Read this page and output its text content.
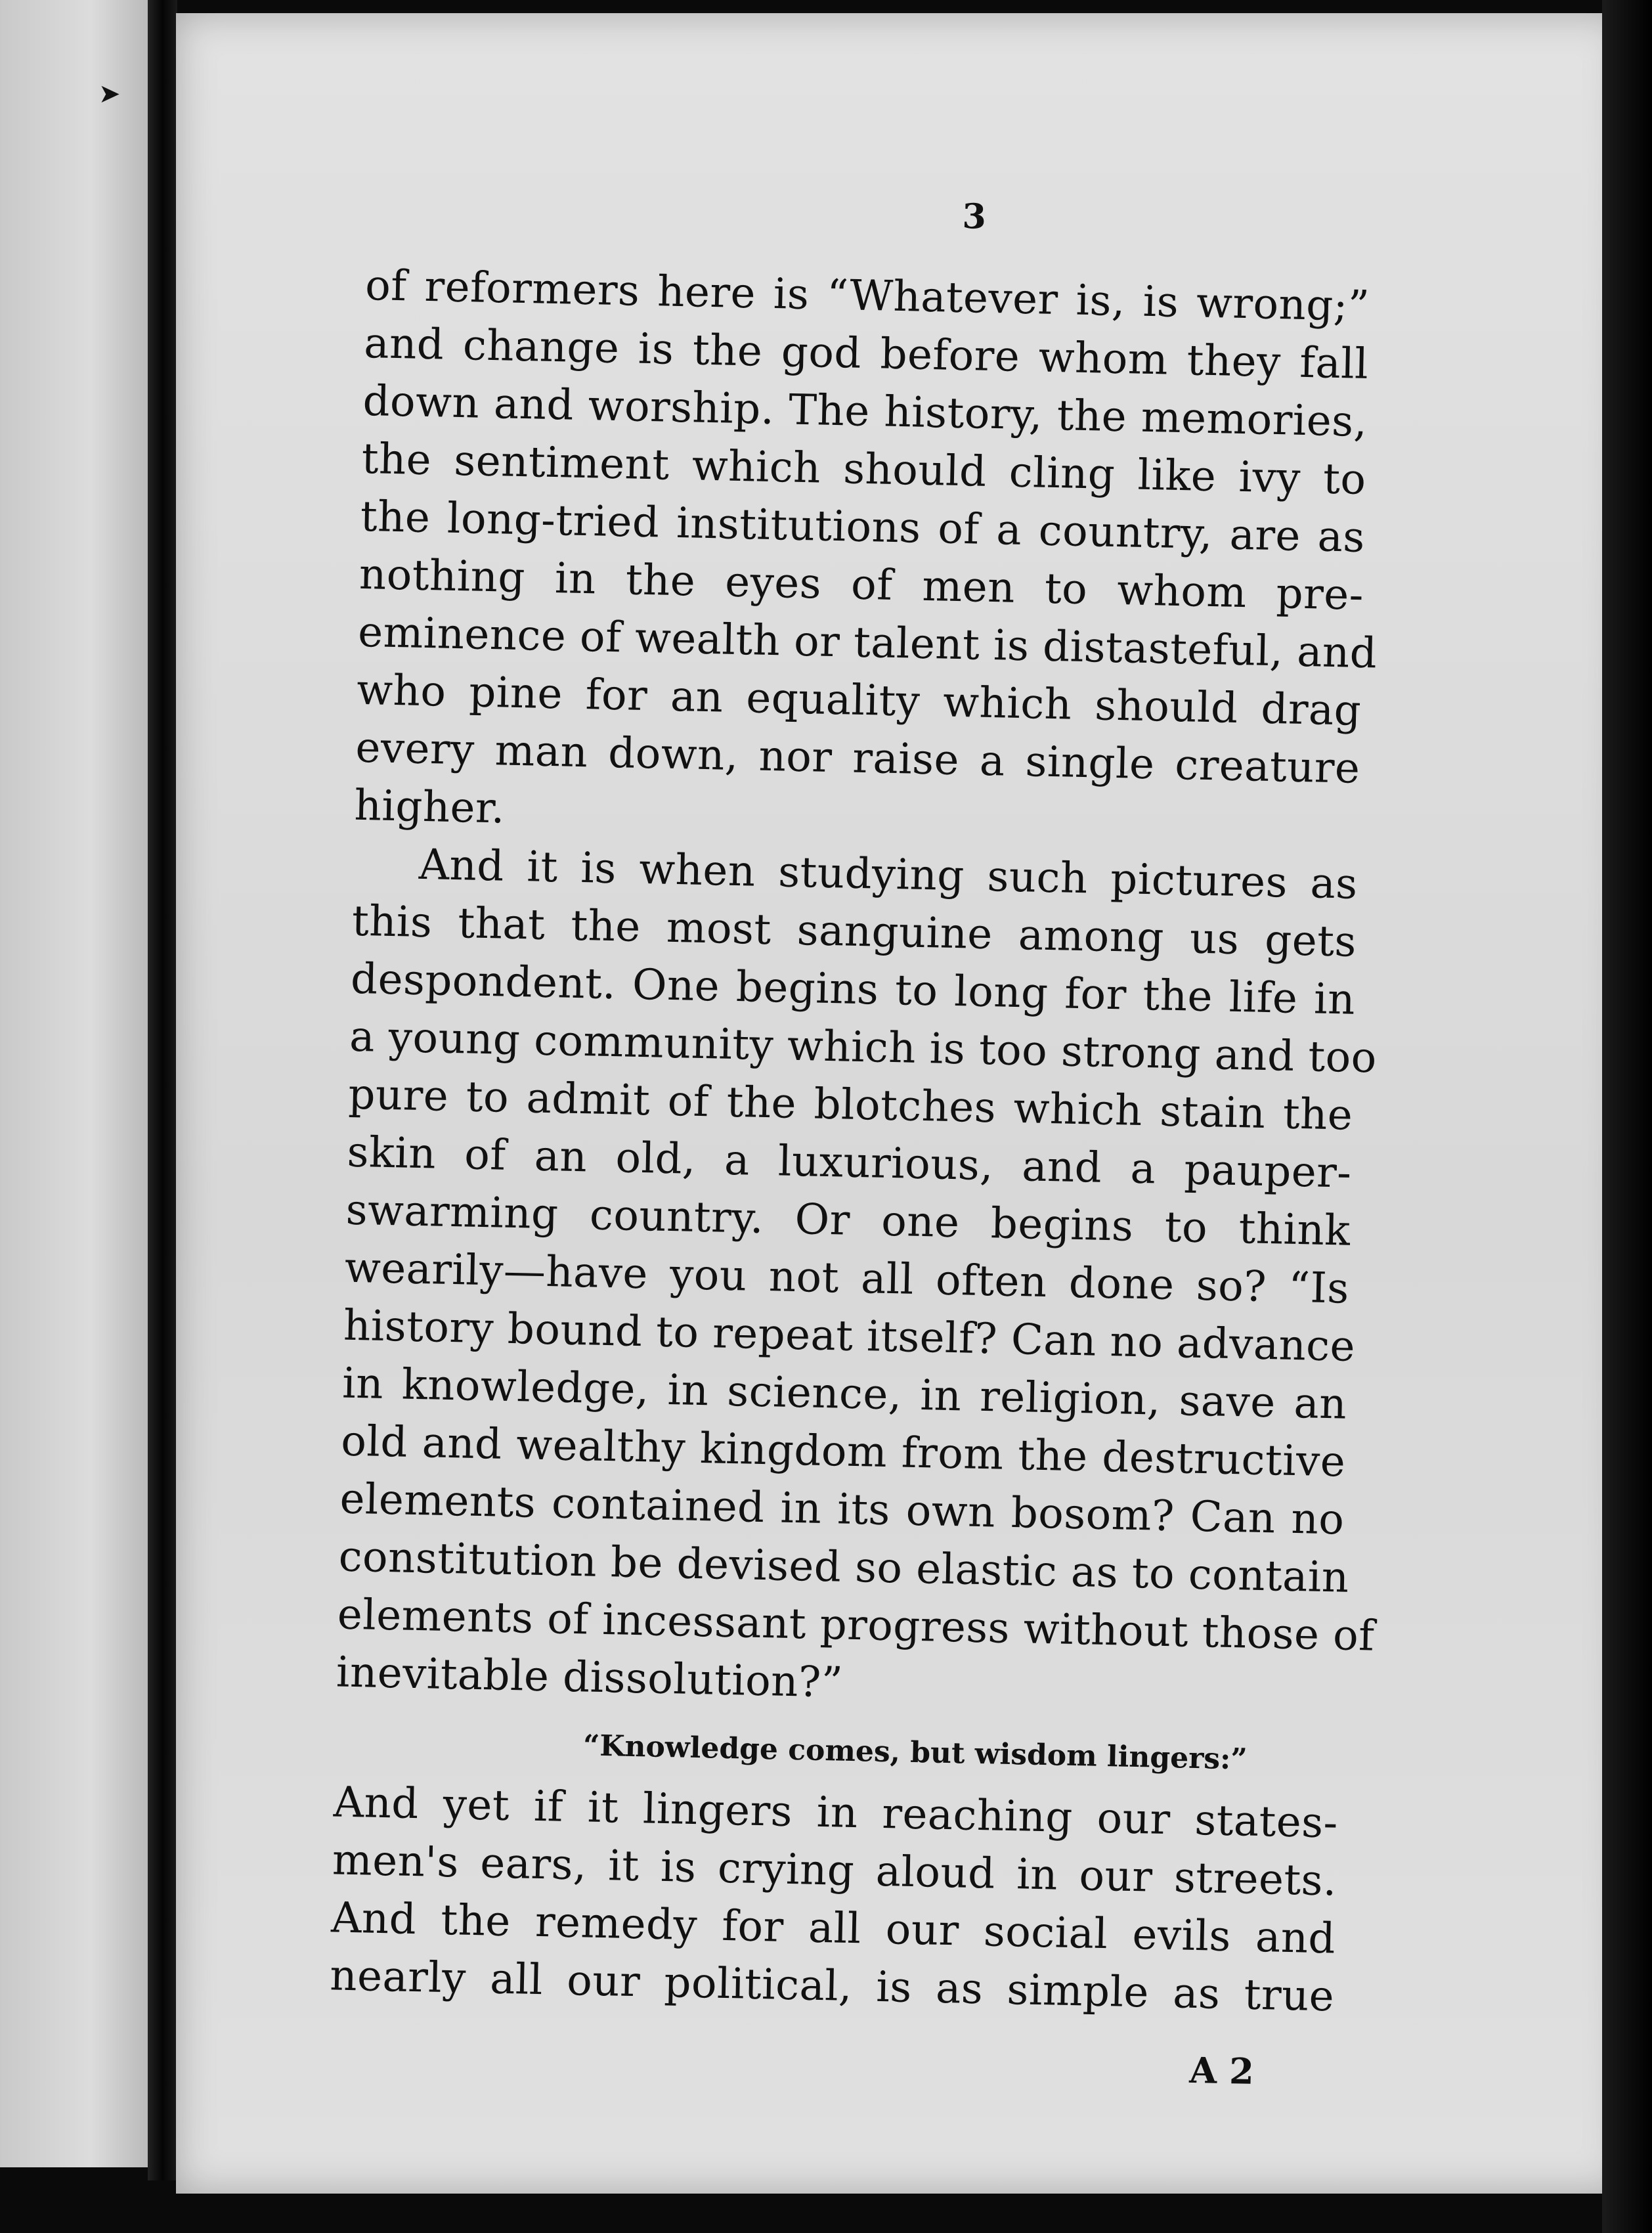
➤
3
of reformers here is “Whatever is, is wrong;”
and change is the god before whom they fall
down and worship. The history, the memories,
the sentiment which should cling like ivy to
the long-tried institutions of a country, are as
nothing in the eyes of men to whom pre-
eminence of wealth or talent is distasteful, and
who pine for an equality which should drag
every man down, nor raise a single creature
higher.
And it is when studying such pictures as
this that the most sanguine among us gets
despondent. One begins to long for the life in
a young community which is too strong and too
pure to admit of the blotches which stain the
skin of an old, a luxurious, and a pauper-
swarming country. Or one begins to think
wearily—have you not all often done so? “Is
history bound to repeat itself? Can no advance
in knowledge, in science, in religion, save an
old and wealthy kingdom from the destructive
elements contained in its own bosom? Can no
constitution be devised so elastic as to contain
elements of incessant progress without those of
inevitable dissolution?”
“Knowledge comes, but wisdom lingers:”
And yet if it lingers in reaching our states-
men's ears, it is crying aloud in our streets.
And the remedy for all our social evils and
nearly all our political, is as simple as true
A 2
